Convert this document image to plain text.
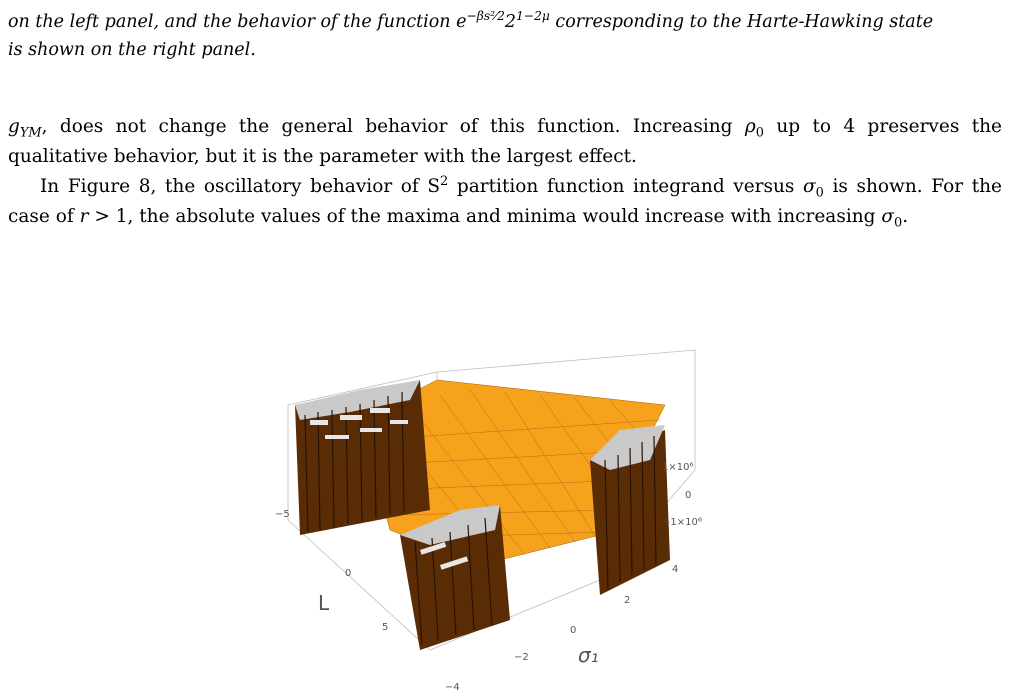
on the left panel, and the behavior of the function $e^{-\beta s^2⁄2}2^{1-2\mu}$ corresponding to the Harte-Hawking state
is shown on the right panel.
$g_{YM}$, does not change the general behavior of this function. Increasing $\rho_0$ up to 4 preserves the qualitative behavior, but it is the parameter with the largest effect.
In Figure 8, the oscillatory behavior of $S^2$ partition function integrand versus $\sigma_0$ is shown. For the case of r > 1, the absolute values of the maxima and minima would increase with increasing $\sigma_0$.
1×10⁶
0
−1×10⁶
−5
0
5
L
−4
−2
0
2
4
σ₁
